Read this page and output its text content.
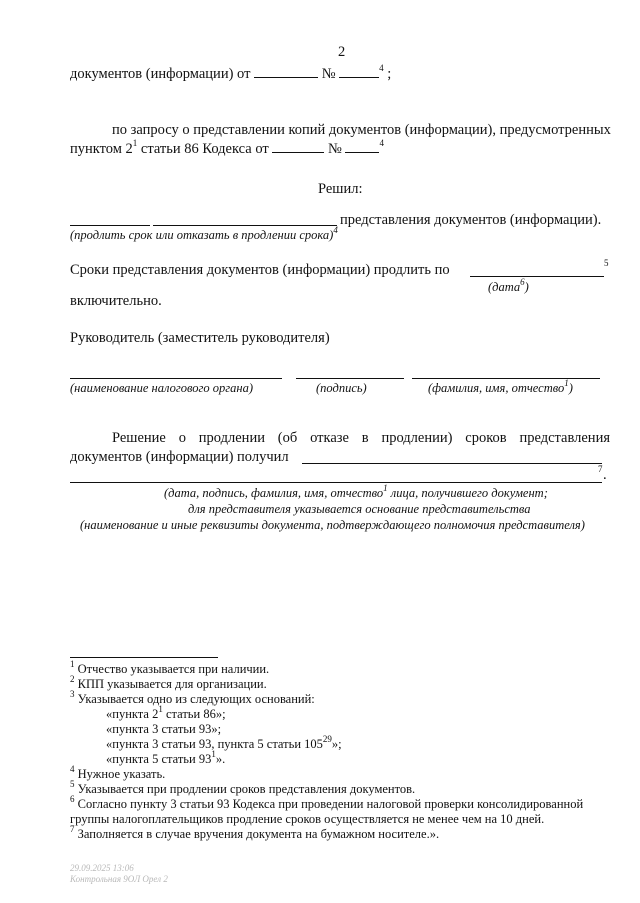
2
документов (информации) от	№	$^4$ ;
по запросу о представлении копий документов (информации), предусмотренных
пунктом $2^1$ статьи 86 Кодекса от	№	$^4$
Решил:
представления документов (информации).
(продлить срок или отказать в продлении срока)$^4$
Сроки представления документов (информации) продлить по	5
(дата$^6$)
включительно.
Руководитель (заместитель руководителя)
(наименование налогового органа)	(подпись)	(фамилия, имя, отчество$^1$)
Решение о продлении (об отказе в продлении) сроков представления
документов (информации) получил
7 .
(дата, подпись, фамилия, имя, отчество$^1$ лица, получившего документ;
для представителя указывается основание представительства
(наименование и иные реквизиты документа, подтверждающего полномочия представителя)
$^1$ Отчество указывается при наличии.
$^2$ КПП указывается для организации.
$^3$ Указывается одно из следующих оснований:
«пункта $2^1$ статьи 86»;
«пункта 3 статьи 93»;
«пункта 3 статьи 93, пункта 5 статьи $105^{29}$»;
«пункта 5 статьи $93^1$».
$^4$ Нужное указать.
$^5$ Указывается при продлении сроков представления документов.
$^6$ Согласно пункту 3 статьи 93 Кодекса при проведении налоговой проверки консолидированной
группы налогоплательщиков продление сроков осуществляется не менее чем на 10 дней.
$^7$ Заполняется в случае вручения документа на бумажном носителе.».
29.09.2025 13:06
Контрольная 9ОЛ Орел 2
